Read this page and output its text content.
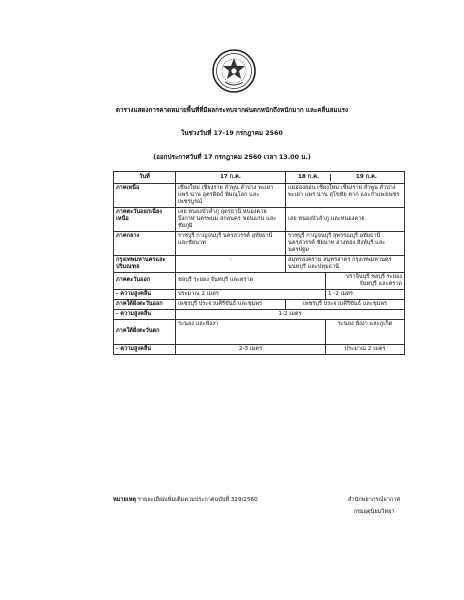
ตารางแสดงการคาดหมายพื้นที่ที่มีผลกระทบจากฝนตกหนักถึงหนักมาก และคลื่นลมแรง
ในช่วงวันที่ 17-19 กรกฎาคม 2560
(ออกประกาศวันที่ 17 กรกฎาคม 2560 เวลา 13.00 น.)
วันที่	17 ก.ค.	18 ก.ค. 19 ก.ค.	
ภาคเหนือ	เชียงใหม่ เชียงราย ลำพูน ลำปาง พะเยา แพร่ น่าน อุตรดิตถ์ พิษณุโลก และเพชรบูรณ์	แม่ฮ่องสอน เชียงใหม่ เชียงราย ลำพูน ลำปาง พะเยา แพร่ น่าน สุโขทัย ตาก และกำแพงเพชร	
ภาคตะวันออกเฉียงเหนือ	เลย หนองบัวลำภู อุดรธานี หนองคาย บึงกาฬ นครพนม สกลนคร ขอนแก่น และชัยภูมิ	เลย หนองบัวลำภู และหนองคาย	
ภาคกลาง	ราชบุรี กาญจนบุรี นครสวรรค์ อุทัยธานี และชัยนาท	ราชบุรี กาญจนบุรี สุพรรณบุรี อุทัยธานี นครสวรรค์ ชัยนาท อ่างทอง สิงห์บุรี และนครปฐม	
กรุงเทพมหานครและปริมณฑล	-	สมุทรสงคราม สมุทรสาคร กรุงเทพมหานคร นนทบุรี และปทุมธานี	
ภาคตะวันออก	ชลบุรี ระยอง จันทบุรี และตราด		ปราจีนบุรี ชลบุรี ระยอง จันทบุรี และตราด
- ความสูงคลื่น	ประมาณ 2 เมตร		1 -2 เมตร
ภาคใต้ฝั่งตะวันออก	เพชรบุรี ประจวบคีรีขันธ์ และชุมพร	เพชรบุรี ประจวบคีรีขันธ์ และชุมพร	
- ความสูงคลื่น	1-2 เมตร		
ภาคใต้ฝั่งตะวันตก	ระนอง และพังงา		ระนอง พังงา และภูเก็ต
- ความสูงคลื่น	2-3 เมตร		ประมาณ 2 เมตร
หมายเหตุ รายละเอียดเพิ่มเติมตามประกาศฉบับที่ 329/2560	สำนักพยากรณ์อากาศ
กรมอุตุนิยมวิทยา
